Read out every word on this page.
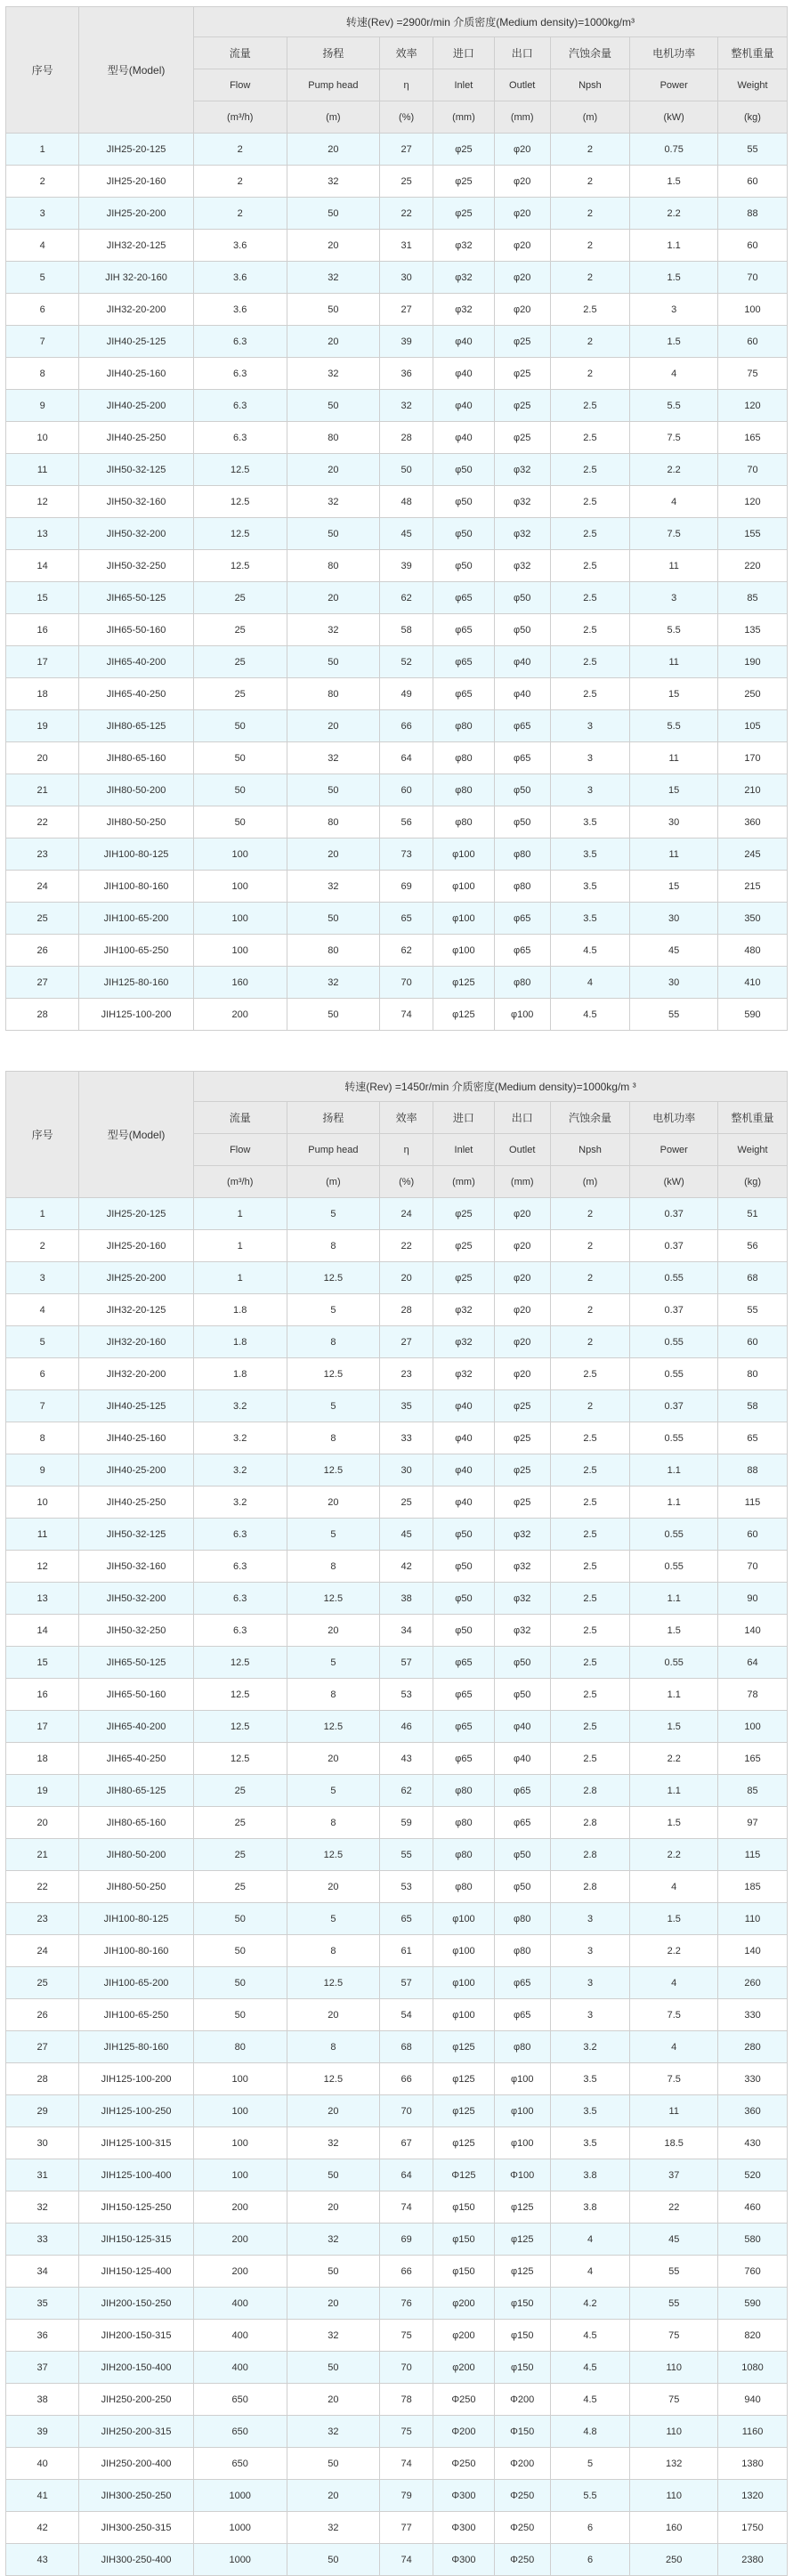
序号	型号(Model)	转速(Rev) =2900r/min 介质密度(Medium density)=1000kg/m³							
		流量	扬程	效率	进口	出口	汽蚀余量	电机功率	整机重量
		Flow	Pump head	η	Inlet	Outlet	Npsh	Power	Weight
		(m³/h)	(m)	(%)	(mm)	(mm)	(m)	(kW)	(kg)
1	JIH25-20-125	2	20	27	φ25	φ20	2	0.75	55
2	JIH25-20-160	2	32	25	φ25	φ20	2	1.5	60
3	JIH25-20-200	2	50	22	φ25	φ20	2	2.2	88
4	JIH32-20-125	3.6	20	31	φ32	φ20	2	1.1	60
5	JIH 32-20-160	3.6	32	30	φ32	φ20	2	1.5	70
6	JIH32-20-200	3.6	50	27	φ32	φ20	2.5	3	100
7	JIH40-25-125	6.3	20	39	φ40	φ25	2	1.5	60
8	JIH40-25-160	6.3	32	36	φ40	φ25	2	4	75
9	JIH40-25-200	6.3	50	32	φ40	φ25	2.5	5.5	120
10	JIH40-25-250	6.3	80	28	φ40	φ25	2.5	7.5	165
11	JIH50-32-125	12.5	20	50	φ50	φ32	2.5	2.2	70
12	JIH50-32-160	12.5	32	48	φ50	φ32	2.5	4	120
13	JIH50-32-200	12.5	50	45	φ50	φ32	2.5	7.5	155
14	JIH50-32-250	12.5	80	39	φ50	φ32	2.5	11	220
15	JIH65-50-125	25	20	62	φ65	φ50	2.5	3	85
16	JIH65-50-160	25	32	58	φ65	φ50	2.5	5.5	135
17	JIH65-40-200	25	50	52	φ65	φ40	2.5	11	190
18	JIH65-40-250	25	80	49	φ65	φ40	2.5	15	250
19	JIH80-65-125	50	20	66	φ80	φ65	3	5.5	105
20	JIH80-65-160	50	32	64	φ80	φ65	3	11	170
21	JIH80-50-200	50	50	60	φ80	φ50	3	15	210
22	JIH80-50-250	50	80	56	φ80	φ50	3.5	30	360
23	JIH100-80-125	100	20	73	φ100	φ80	3.5	11	245
24	JIH100-80-160	100	32	69	φ100	φ80	3.5	15	215
25	JIH100-65-200	100	50	65	φ100	φ65	3.5	30	350
26	JIH100-65-250	100	80	62	φ100	φ65	4.5	45	480
27	JIH125-80-160	160	32	70	φ125	φ80	4	30	410
28	JIH125-100-200	200	50	74	φ125	φ100	4.5	55	590
序号	型号(Model)	转速(Rev) =1450r/min 介质密度(Medium density)=1000kg/m ³							
		流量	扬程	效率	进口	出口	汽蚀余量	电机功率	整机重量
		Flow	Pump head	η	Inlet	Outlet	Npsh	Power	Weight
		(m³/h)	(m)	(%)	(mm)	(mm)	(m)	(kW)	(kg)
1	JIH25-20-125	1	5	24	φ25	φ20	2	0.37	51
2	JIH25-20-160	1	8	22	φ25	φ20	2	0.37	56
3	JIH25-20-200	1	12.5	20	φ25	φ20	2	0.55	68
4	JIH32-20-125	1.8	5	28	φ32	φ20	2	0.37	55
5	JIH32-20-160	1.8	8	27	φ32	φ20	2	0.55	60
6	JIH32-20-200	1.8	12.5	23	φ32	φ20	2.5	0.55	80
7	JIH40-25-125	3.2	5	35	φ40	φ25	2	0.37	58
8	JIH40-25-160	3.2	8	33	φ40	φ25	2.5	0.55	65
9	JIH40-25-200	3.2	12.5	30	φ40	φ25	2.5	1.1	88
10	JIH40-25-250	3.2	20	25	φ40	φ25	2.5	1.1	115
11	JIH50-32-125	6.3	5	45	φ50	φ32	2.5	0.55	60
12	JIH50-32-160	6.3	8	42	φ50	φ32	2.5	0.55	70
13	JIH50-32-200	6.3	12.5	38	φ50	φ32	2.5	1.1	90
14	JIH50-32-250	6.3	20	34	φ50	φ32	2.5	1.5	140
15	JIH65-50-125	12.5	5	57	φ65	φ50	2.5	0.55	64
16	JIH65-50-160	12.5	8	53	φ65	φ50	2.5	1.1	78
17	JIH65-40-200	12.5	12.5	46	φ65	φ40	2.5	1.5	100
18	JIH65-40-250	12.5	20	43	φ65	φ40	2.5	2.2	165
19	JIH80-65-125	25	5	62	φ80	φ65	2.8	1.1	85
20	JIH80-65-160	25	8	59	φ80	φ65	2.8	1.5	97
21	JIH80-50-200	25	12.5	55	φ80	φ50	2.8	2.2	115
22	JIH80-50-250	25	20	53	φ80	φ50	2.8	4	185
23	JIH100-80-125	50	5	65	φ100	φ80	3	1.5	110
24	JIH100-80-160	50	8	61	φ100	φ80	3	2.2	140
25	JIH100-65-200	50	12.5	57	φ100	φ65	3	4	260
26	JIH100-65-250	50	20	54	φ100	φ65	3	7.5	330
27	JIH125-80-160	80	8	68	φ125	φ80	3.2	4	280
28	JIH125-100-200	100	12.5	66	φ125	φ100	3.5	7.5	330
29	JIH125-100-250	100	20	70	φ125	φ100	3.5	11	360
30	JIH125-100-315	100	32	67	φ125	φ100	3.5	18.5	430
31	JIH125-100-400	100	50	64	Φ125	Φ100	3.8	37	520
32	JIH150-125-250	200	20	74	φ150	φ125	3.8	22	460
33	JIH150-125-315	200	32	69	φ150	φ125	4	45	580
34	JIH150-125-400	200	50	66	φ150	φ125	4	55	760
35	JIH200-150-250	400	20	76	φ200	φ150	4.2	55	590
36	JIH200-150-315	400	32	75	φ200	φ150	4.5	75	820
37	JIH200-150-400	400	50	70	φ200	φ150	4.5	110	1080
38	JIH250-200-250	650	20	78	Φ250	Φ200	4.5	75	940
39	JIH250-200-315	650	32	75	Φ200	Φ150	4.8	110	1160
40	JIH250-200-400	650	50	74	Φ250	Φ200	5	132	1380
41	JIH300-250-250	1000	20	79	Φ300	Φ250	5.5	110	1320
42	JIH300-250-315	1000	32	77	Φ300	Φ250	6	160	1750
43	JIH300-250-400	1000	50	74	Φ300	Φ250	6	250	2380
